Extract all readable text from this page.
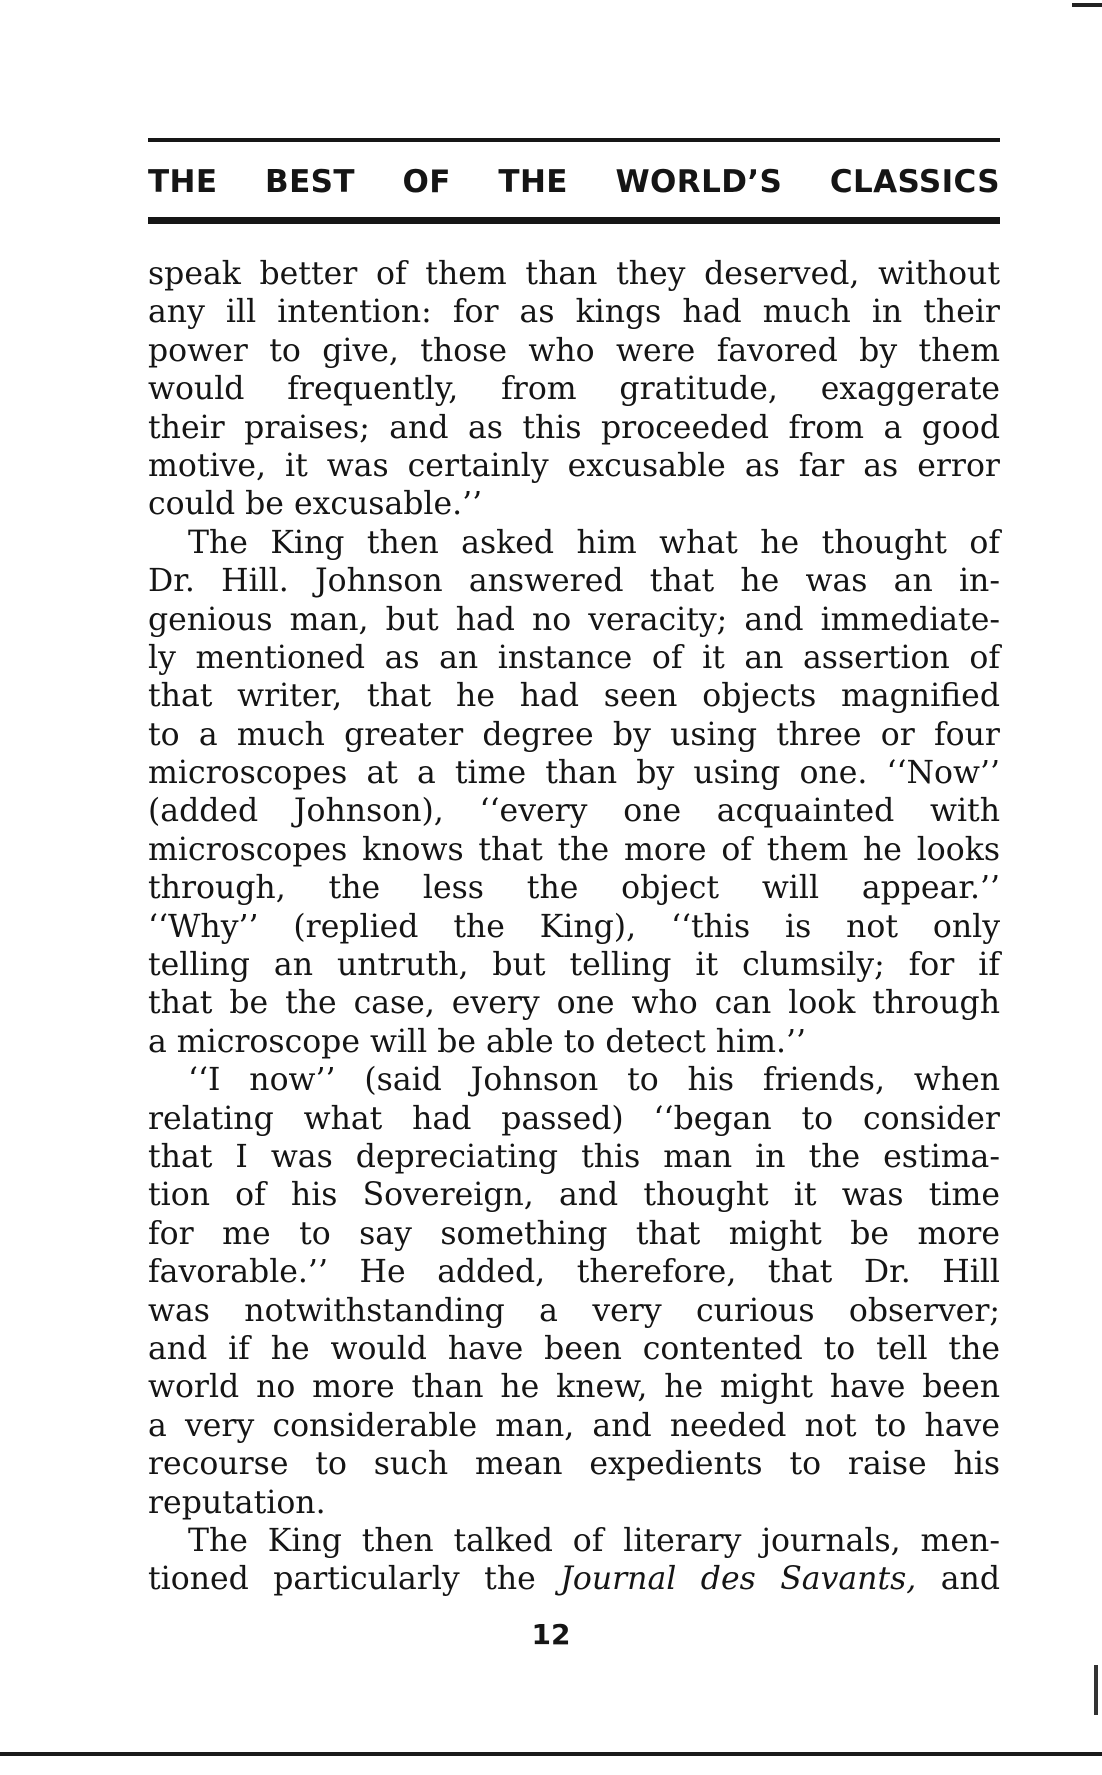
THE BEST OF THE WORLD’S CLASSICS
speak better of them than they deserved, without
any ill intention: for as kings had much in their
power to give, those who were favored by them
would frequently, from gratitude, exaggerate
their praises; and as this proceeded from a good
motive, it was certainly excusable as far as error
could be excusable.’’
The King then asked him what he thought of
Dr. Hill. Johnson answered that he was an in-
genious man, but had no veracity; and immediate-
ly mentioned as an instance of it an assertion of
that writer, that he had seen objects magnified
to a much greater degree by using three or four
microscopes at a time than by using one. ‘‘Now’’
(added Johnson), ‘‘every one acquainted with
microscopes knows that the more of them he looks
through, the less the object will appear.’’
‘‘Why’’ (replied the King), ‘‘this is not only
telling an untruth, but telling it clumsily; for if
that be the case, every one who can look through
a microscope will be able to detect him.’’
‘‘I now’’ (said Johnson to his friends, when
relating what had passed) ‘‘began to consider
that I was depreciating this man in the estima-
tion of his Sovereign, and thought it was time
for me to say something that might be more
favorable.’’ He added, therefore, that Dr. Hill
was notwithstanding a very curious observer;
and if he would have been contented to tell the
world no more than he knew, he might have been
a very considerable man, and needed not to have
recourse to such mean expedients to raise his
reputation.
The King then talked of literary journals, men-
tioned particularly the Journal des Savants, and

12
